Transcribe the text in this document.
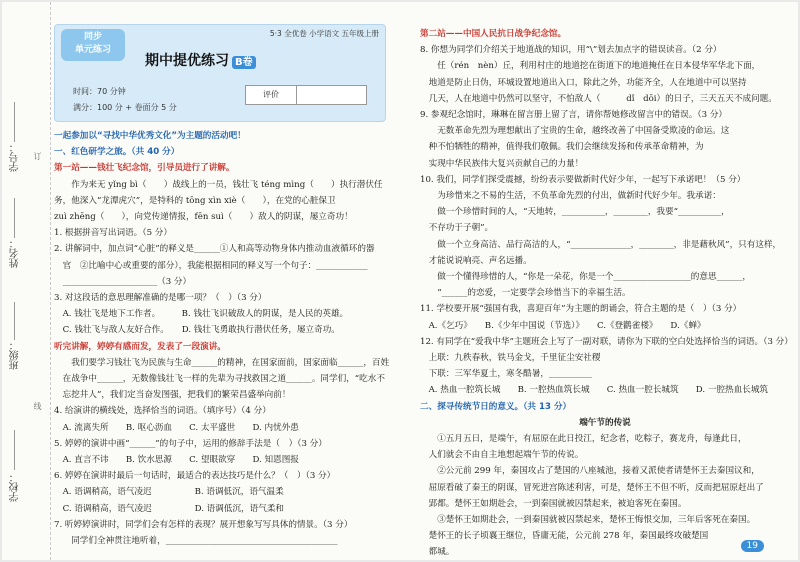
学号：
姓名：
班级：
学校：
订
线
同步
单元练习
5·3 全优卷 小学语文 五年级上册
期中提优练习 B卷
时间：70 分钟
满分：100 分 + 卷面分 5 分
评价
一起参加以“寻找中华优秀文化”为主题的活动吧！
一、红色研学之旅。（共 40 分）
第一站——钱壮飞纪念馆，引导员进行了讲解。
　　作为来无 yǐng bì（　　）战线上的一员，钱壮飞 téng mìng（　　）执行潜伏任
务，他深入“龙潭虎穴”，是特科的 tōng xìn xiè（　　），在党的心脏保卫
zuì zhēng（　　），向党传递情报，fēn suì（　　）敌人的阴谋，屡立奇功！
1. 根据拼音写出词语。（5 分）
2. 讲解词中，加点词“心脏”的释义是______①人和高等动物身体内推动血液循环的器
　官　②比喻中心或重要的部分），我能根据相同的释义写一个句子：____________
　______________________（3 分）
3. 对这段话的意思理解准确的是哪一项？（　）（3 分）
　A. 钱壮飞是地下工作者。　　　B. 钱壮飞识破敌人的阴谋，是人民的英雄。
　C. 钱壮飞与敌人友好合作。　　D. 钱壮飞勇敢执行潜伏任务，屡立奇功。
听完讲解，婷婷有感而发，发表了一段演讲。
　　我们要学习钱壮飞为民族与生命______的精神，在国家面前，国家面临______，百姓
　在战争中______，无数像钱壮飞一样的先辈为寻找救国之道______。同学们，“吃水不
　忘挖井人”，我们定当奋发图强，把我们的繁荣昌盛举向前！
4. 给演讲的横线处，选择恰当的词语。（填序号）（4 分）
　A. 流离失所　　B. 呕心沥血　　C. 太平盛世　　D. 内忧外患
5. 婷婷的演讲中画“______”的句子中，运用的修辞手法是（　）（3 分）
　A. 直言不讳　　B. 饮水思源　　C. 望眼欲穿　　D. 知恩图报
6. 婷婷在演讲时最后一句话时，最适合的表达技巧是什么？（　）（3 分）
　A. 语调稍高，语气凌迟　　　　　B. 语调低沉，语气温柔
　C. 语调稍高，语气凌迟　　　　　D. 语调低沉，语气柔和
7. 听婷婷演讲时，同学们会有怎样的表现？展开想象写写具体的情景。（3 分）
　　同学们全神贯注地听着，________________________________________
第二站——中国人民抗日战争纪念馆。
8. 你想为同学们介绍关于地道战的知识，用“\”划去加点字的错误读音。（2 分）
　　任（rén　nèn）丘，利用村庄的地道挖在街道下的地道掩任在日本侵华军华北下面，
　地道是防止日伪，环城设置地道出入口，除此之外，功能齐全，人在地道中可以坚持
　几天，人在地道中仍然可以坚守，不怕敌人（　　　dǐ　dōi）的日子，三天五天不成问题。
9. 参观纪念馆时，琳琳在留言册上留了言，请你帮她修改留言中的错误。（3 分）
　　无数革命先烈为理想献出了宝贵的生命，越终改善了中国备受欺凌的命运。这
　种不怕牺牲的精神，值得我们敬佩。我们会继续发扬和传承革命精神，为
　实现中华民族伟大复兴贡献自己的力量！
10. 我们，同学们探受震撼，纷纷表示要做新时代好少年，一起写下承诺吧！（5 分）
　　为珍惜来之不易的生活，不负革命先烈的付出，做新时代好少年。我承诺：
　　做一个珍惜时间的人，“天地转，__________，________，我要“__________，
　不存功于子朝”。
　　做一个立身高洁、品行高洁的人，“______________，________，非是藉秋风”，只有这样，
　才能说说响亮、声名远播。
　　做一个懂得珍惜的人，“你是一朵花，你是一个__________________的意思______，
　　“______的恋爱，一定要学会珍惜当下的幸福生活。
11. 学校要开展“强国有我，喜迎百年”为主题的朗诵会，符合主题的是（　）（3 分）
　A.《乞巧》　　B.《少年中国说（节选）》　　C.《登鹳雀楼》　　D.《蝉》
12. 有同学在“爱我中华”主题班会上写了一副对联，请你为下联的空白处选择恰当的词语。（3 分）
　上联：九秩春秋，铁马金戈，千里征尘安社稷
　下联：三军华夏土，寒冬酷暑，__________
　A. 热血一腔筑长城　　B. 一腔热血筑长城　　C. 热血一腔长城筑　　D. 一腔热血长城筑
二、探寻传统节日的意义。（共 13 分）
端午节的传说
　　①五月五日，是端午，有屈原在此日投江，纪念者，吃粽子，赛龙舟，每逢此日，
　人们就会不由自主地想起端午节的传说。
　　②公元前 299 年，秦国攻占了楚国的八座城池，接着又派使者请楚怀王去秦国议和，
　屈原看破了秦王的阴谋，冒死进宫陈述利害，可是，楚怀王不但不听，反而把屈原赶出了
　郢都。楚怀王如期赴会，一到秦国就被囚禁起来，被迫客死在秦国。
　　③楚怀王如期赴会，一到秦国就被囚禁起来，楚怀王悔恨交加，三年后客死在秦国。
　楚怀王的长子顷襄王继位，昏庸无能，公元前 278 年，秦国最终攻破楚国
　都城。
19
